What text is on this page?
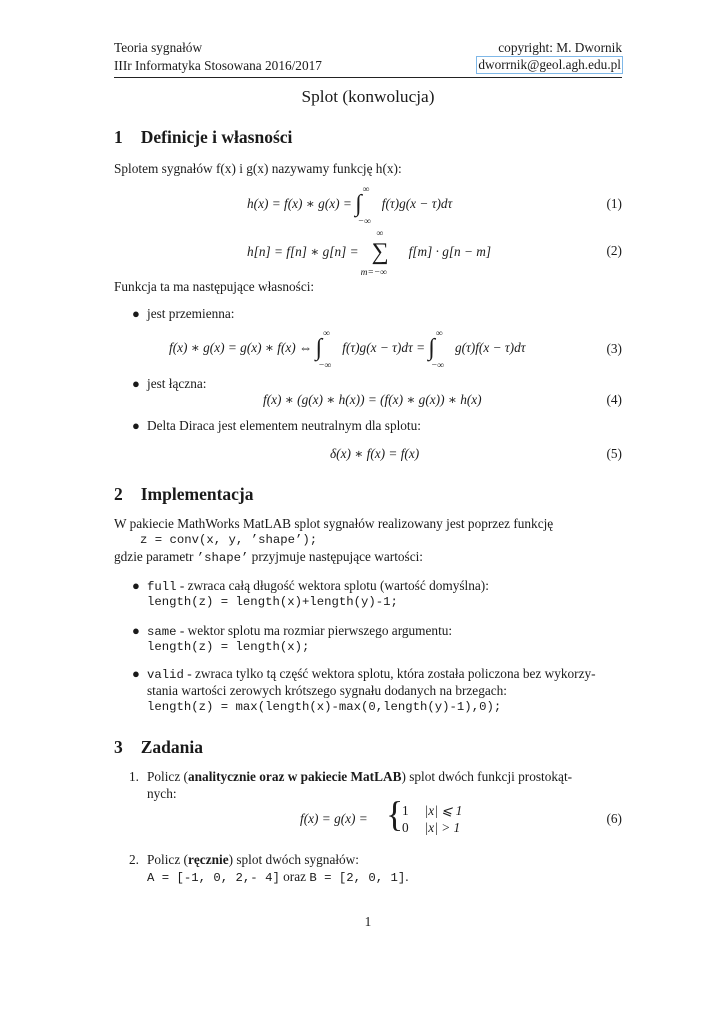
Teoria sygnałów
IIIr Informatyka Stosowana 2016/2017
copyright: M. Dwornik
dworrnik@geol.agh.edu.pl
Splot (konwolucja)
1 Definicje i własności
Splotem sygnałów f(x) i g(x) nazywamy funkcję h(x):
h(x) = f(x) ∗ g(x) = ∫
∞
−∞
f(τ)g(x − τ)dτ	(1)
h[n] = f[n] ∗ g[n] =
∞
∑
m=−∞
f[m] · g[n − m]	(2)
Funkcja ta ma następujące własności:
● jest przemienna:
f(x) ∗ g(x) = g(x) ∗ f(x) ⇔ ∫
∞
−∞
f(τ)g(x − τ)dτ = ∫
∞
−∞
g(τ)f(x − τ)dτ	(3)
● jest łączna:
f(x) ∗ (g(x) ∗ h(x)) = (f(x) ∗ g(x)) ∗ h(x)	(4)
● Delta Diraca jest elementem neutralnym dla splotu:
δ(x) ∗ f(x) = f(x)	(5)
2 Implementacja
W pakiecie MathWorks MatLAB splot sygnałów realizowany jest poprzez funkcję
z = conv(x, y, ’shape’);
gdzie parametr ’shape’ przyjmuje następujące wartości:
● full - zwraca całą długość wektora splotu (wartość domyślna):
length(z) = length(x)+length(y)-1;
● same - wektor splotu ma rozmiar pierwszego argumentu:
length(z) = length(x);
● valid - zwraca tylko tą część wektora splotu, która została policzona bez wykorzy-
stania wartości zerowych krótszego sygnału dodanych na brzegach:
length(z) = max(length(x)-max(0,length(y)-1),0);
3 Zadania
1. Policz (analitycznie oraz w pakiecie MatLAB) splot dwóch funkcji prostokąt-
nych:
f(x) = g(x) = {
1 |x| ⩽ 1
0 |x| > 1
(6)
2. Policz (ręcznie) splot dwóch sygnałów:
A = [-1, 0, 2,- 4] oraz B = [2, 0, 1].
1
